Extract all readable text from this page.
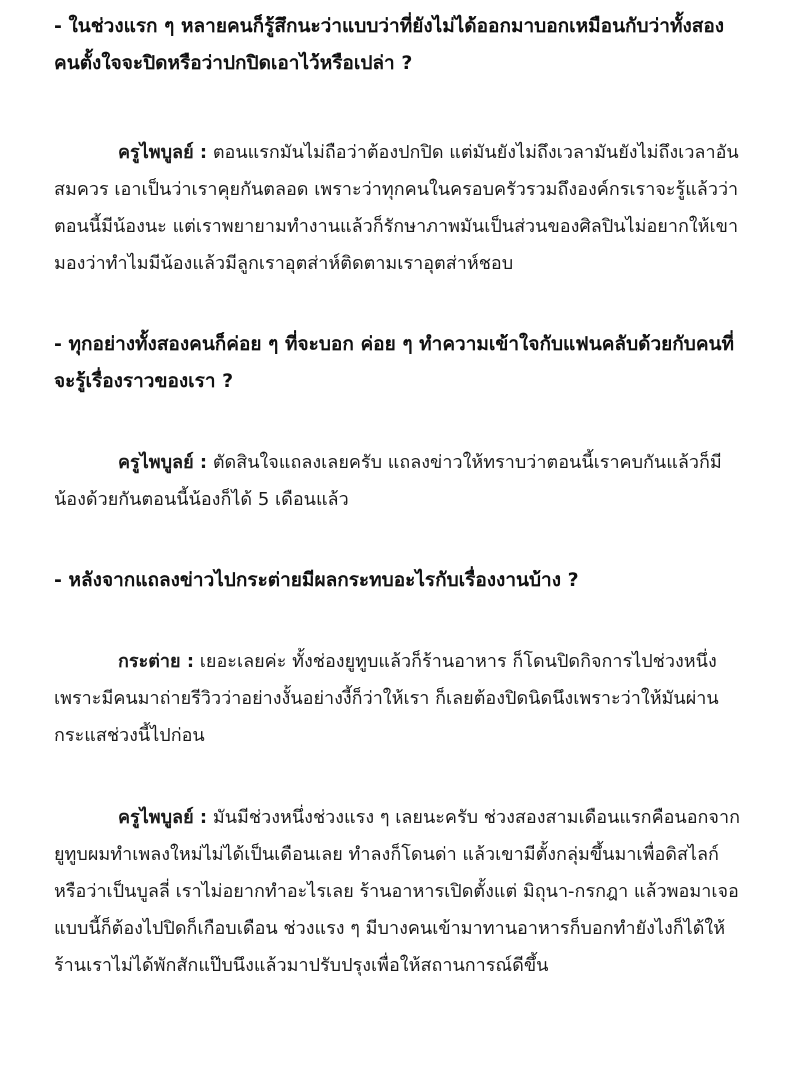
- ในช่วงแรก ๆ หลายคนก็รู้สึกนะว่าแบบว่าที่ยังไม่ได้ออกมาบอกเหมือนกับว่าทั้งสองคนตั้งใจจะปิดหรือว่าปกปิดเอาไว้หรือเปล่า ?

ครูไพบูลย์ : ตอนแรกมันไม่ถือว่าต้องปกปิด แต่มันยังไม่ถึงเวลามันยังไม่ถึงเวลาอันสมควร เอาเป็นว่าเราคุยกันตลอด เพราะว่าทุกคนในครอบครัวรวมถึงองค์กรเราจะรู้แล้วว่าตอนนี้มีน้องนะ แต่เราพยายามทำงานแล้วก็รักษาภาพมันเป็นส่วนของศิลปินไม่อยากให้เขามองว่าทำไมมีน้องแล้วมีลูกเราอุตส่าห์ติดตามเราอุตส่าห์ชอบ

- ทุกอย่างทั้งสองคนก็ค่อย ๆ ที่จะบอก ค่อย ๆ ทำความเข้าใจกับแฟนคลับด้วยกับคนที่จะรู้เรื่องราวของเรา ?

ครูไพบูลย์ : ตัดสินใจแถลงเลยครับ แถลงข่าวให้ทราบว่าตอนนี้เราคบกันแล้วก็มีน้องด้วยกันตอนนี้น้องก็ได้ 5 เดือนแล้ว

- หลังจากแถลงข่าวไปกระต่ายมีผลกระทบอะไรกับเรื่องงานบ้าง ?

กระต่าย : เยอะเลยค่ะ ทั้งช่องยูทูบแล้วก็ร้านอาหาร ก็โดนปิดกิจการไปช่วงหนึ่งเพราะมีคนมาถ่ายรีวิวว่าอย่างงั้นอย่างงี้ก็ว่าให้เรา ก็เลยต้องปิดนิดนึงเพราะว่าให้มันผ่านกระแสช่วงนี้ไปก่อน

ครูไพบูลย์ : มันมีช่วงหนึ่งช่วงแรง ๆ เลยนะครับ ช่วงสองสามเดือนแรกคือนอกจากยูทูบผมทำเพลงใหม่ไม่ได้เป็นเดือนเลย ทำลงก็โดนด่า แล้วเขามีตั้งกลุ่มขึ้นมาเพื่อดิสไลก์หรือว่าเป็นบูลลี่ เราไม่อยากทำอะไรเลย ร้านอาหารเปิดตั้งแต่ มิถุนา-กรกฎา แล้วพอมาเจอแบบนี้ก็ต้องไปปิดก็เกือบเดือน ช่วงแรง ๆ มีบางคนเข้ามาทานอาหารก็บอกทำยังไงก็ได้ให้ร้านเราไม่ได้พักสักแป๊บนึงแล้วมาปรับปรุงเพื่อให้สถานการณ์ดีขึ้น
